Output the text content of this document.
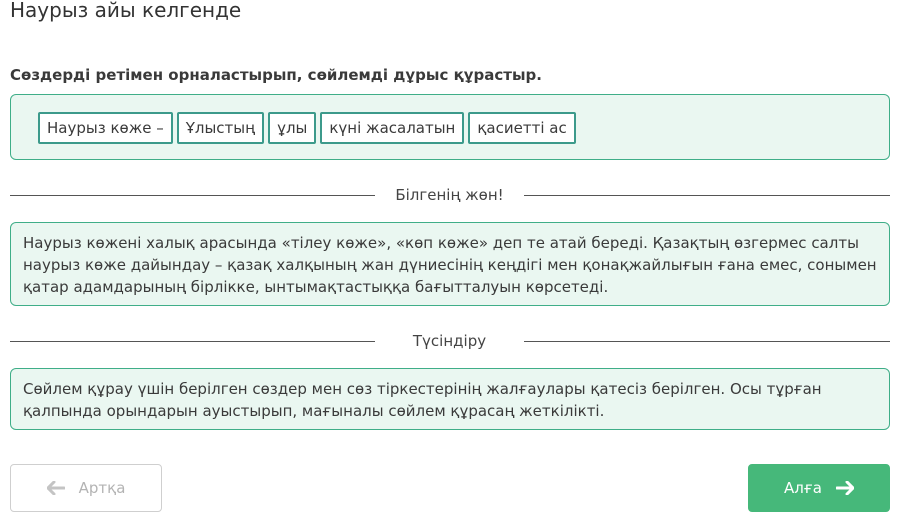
Наурыз айы келгенде
Сөздерді ретімен орналастырып, сөйлемді дұрыс құрастыр.
Наурыз көже –	Ұлыстың	ұлы	күні жасалатын	қасиетті ас
Білгенің жөн!
Наурыз көжені халық арасында «тілеу көже», «көп көже» деп те атай береді. Қазақтың өзгермес салты наурыз көже дайындау – қазақ халқының жан дүниесінің кеңдігі мен қонақжайлығын ғана емес, сонымен қатар адамдарының бірлікке, ынтымақтастыққа бағытталуын көрсетеді.
Түсіндіру
Сөйлем құрау үшін берілген сөздер мен сөз тіркестерінің жалғаулары қатесіз берілген. Осы тұрған қалпында орындарын ауыстырып, мағыналы сөйлем құрасаң жеткілікті.
Артқа	Алға
